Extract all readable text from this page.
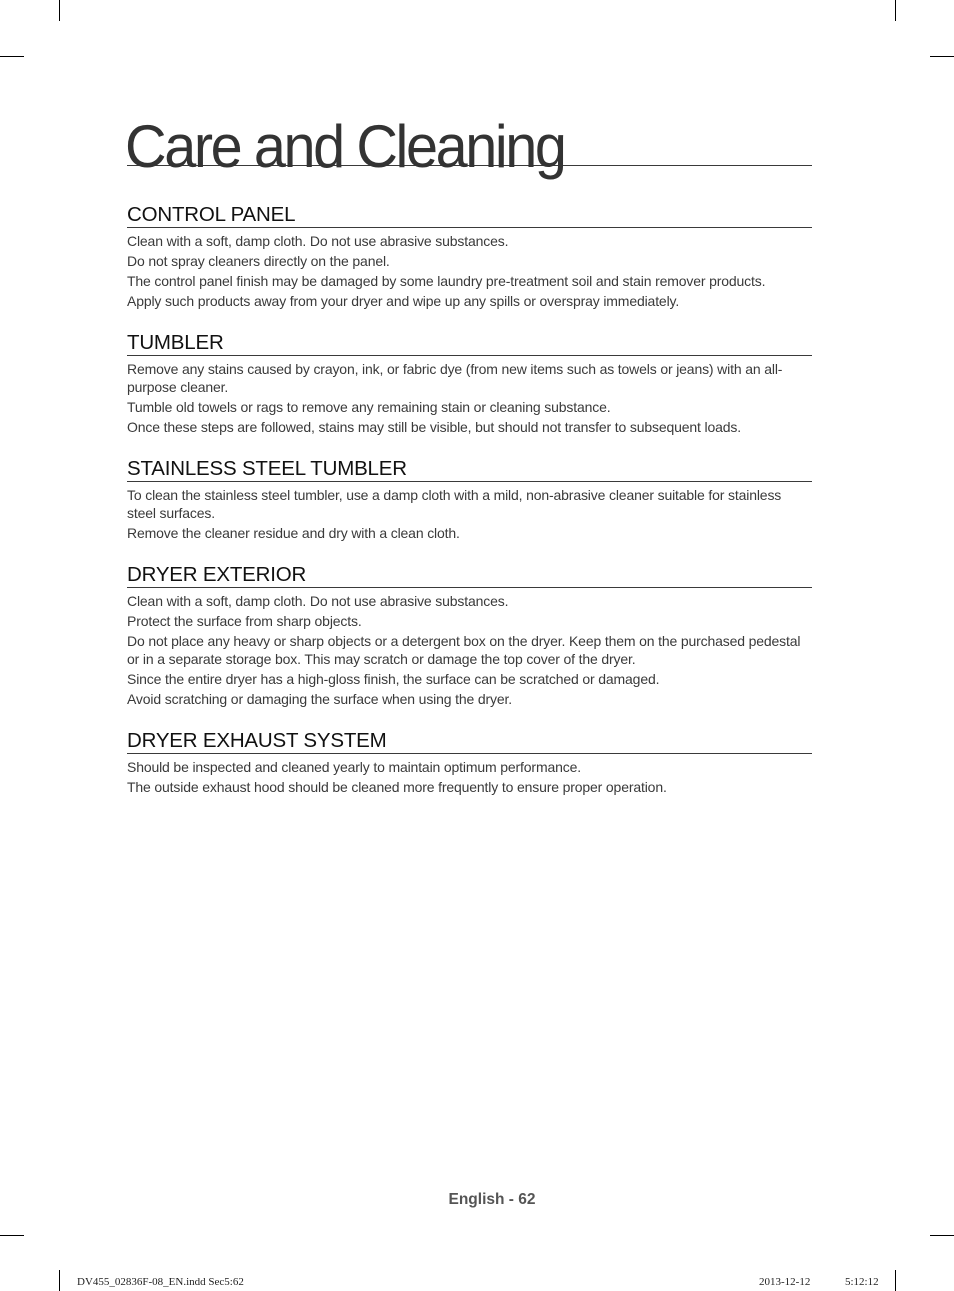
Care and Cleaning
CONTROL PANEL
Clean with a soft, damp cloth. Do not use abrasive substances.
Do not spray cleaners directly on the panel.
The control panel finish may be damaged by some laundry pre-treatment soil and stain remover products.
Apply such products away from your dryer and wipe up any spills or overspray immediately.
TUMBLER
Remove any stains caused by crayon, ink, or fabric dye (from new items such as towels or jeans) with an all-purpose cleaner.
Tumble old towels or rags to remove any remaining stain or cleaning substance.
Once these steps are followed, stains may still be visible, but should not transfer to subsequent loads.
STAINLESS STEEL TUMBLER
To clean the stainless steel tumbler, use a damp cloth with a mild, non-abrasive cleaner suitable for stainless steel surfaces.
Remove the cleaner residue and dry with a clean cloth.
DRYER EXTERIOR
Clean with a soft, damp cloth. Do not use abrasive substances.
Protect the surface from sharp objects.
Do not place any heavy or sharp objects or a detergent box on the dryer. Keep them on the purchased pedestal or in a separate storage box. This may scratch or damage the top cover of the dryer.
Since the entire dryer has a high-gloss finish, the surface can be scratched or damaged.
Avoid scratching or damaging the surface when using the dryer.
DRYER EXHAUST SYSTEM
Should be inspected and cleaned yearly to maintain optimum performance.
The outside exhaust hood should be cleaned more frequently to ensure proper operation.
English - 62
DV455_02836F-08_EN.indd Sec5:62	2013-12-12	5:12:12
